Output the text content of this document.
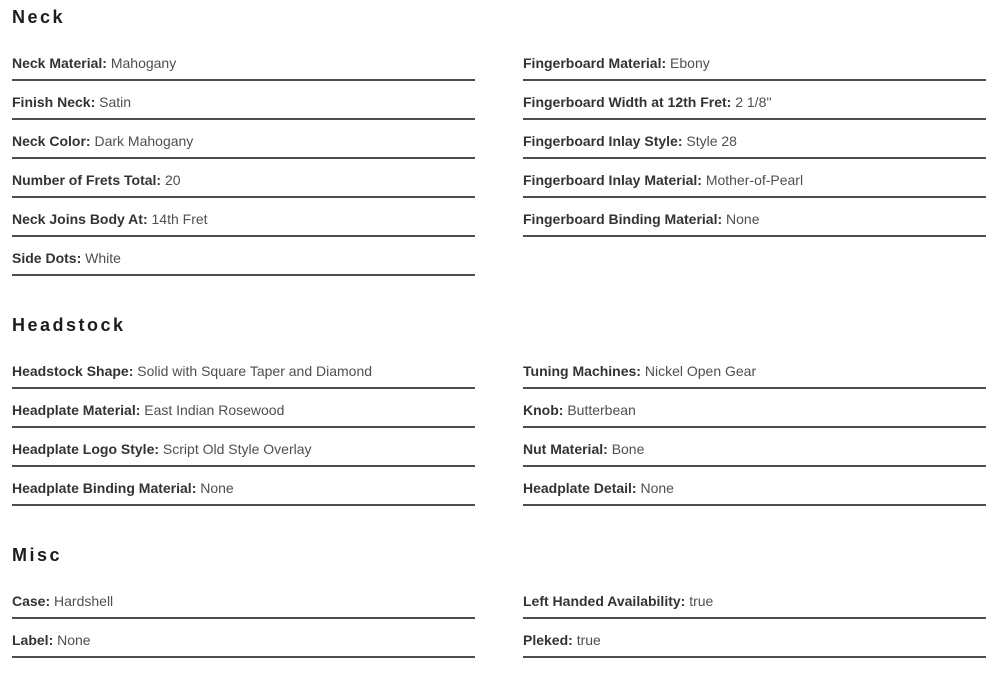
Neck
Neck Material: Mahogany
Finish Neck: Satin
Neck Color: Dark Mahogany
Number of Frets Total: 20
Neck Joins Body At: 14th Fret
Side Dots: White
Fingerboard Material: Ebony
Fingerboard Width at 12th Fret: 2 1/8''
Fingerboard Inlay Style: Style 28
Fingerboard Inlay Material: Mother-of-Pearl
Fingerboard Binding Material: None
Headstock
Headstock Shape: Solid with Square Taper and Diamond
Headplate Material: East Indian Rosewood
Headplate Logo Style: Script Old Style Overlay
Headplate Binding Material: None
Tuning Machines: Nickel Open Gear
Knob: Butterbean
Nut Material: Bone
Headplate Detail: None
Misc
Case: Hardshell
Label: None
Left Handed Availability: true
Pleked: true
